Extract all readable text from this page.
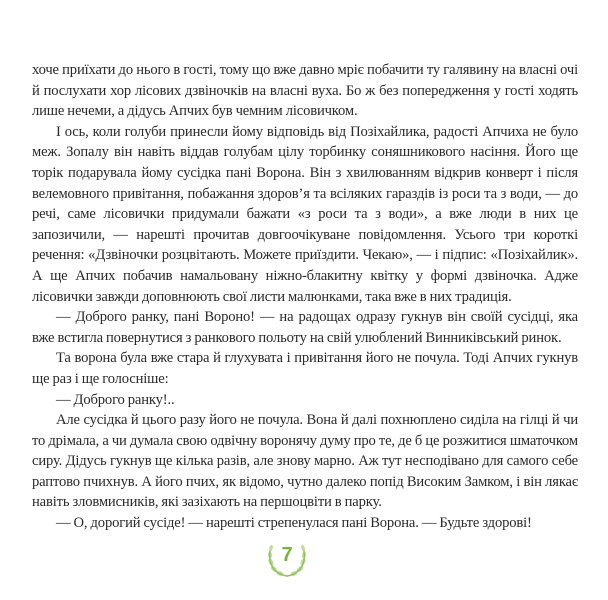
хоче приїхати до нього в гості, тому що вже давно мріє побачити ту галявину на власні очі й послухати хор лісових дзвіночків на власні вуха. Бо ж без попередження у гості ходять лише нечеми, а дідусь Апчих був чемним лісовичком.

І ось, коли голуби принесли йому відповідь від Позіхайлика, радості Апчиха не було меж. Зопалу він навіть віддав голубам цілу торбинку соняшникового насіння. Його ще торік подарувала йому сусідка пані Ворона. Він з хвилюванням відкрив конверт і після велемовного привітання, побажання здоров’я та всіляких гараздів із роси та з води, — до речі, саме лісовички придумали бажати «з роси та з води», а вже люди в них це запозичили, — нарешті прочитав довгоочікуване повідомлення. Усього три короткі речення: «Дзвіночки розцвітають. Можете приїздити. Чекаю», — і підпис: «Позіхайлик». А ще Апчих побачив намальовану ніжно-блакитну квітку у формі дзвіночка. Адже лісовички завжди доповнюють свої листи малюнками, така вже в них традиція.

— Доброго ранку, пані Вороно! — на радощах одразу гукнув він своїй сусідці, яка вже встигла повернутися з ранкового польоту на свій улюблений Винниківський ринок.

Та ворона була вже стара й глухувата і привітання його не почула. Тоді Апчих гукнув ще раз і ще голосніше:

— Доброго ранку!..

Але сусідка й цього разу його не почула. Вона й далі похнюплено сиділа на гілці й чи то дрімала, а чи думала свою одвічну воронячу думу про те, де б це розжитися шматочком сиру. Дідусь гукнув ще кілька разів, але знову марно. Аж тут несподівано для самого себе раптово пчихнув. А його пчих, як відомо, чутно далеко попід Високим Замком, і він лякає навіть зловмисників, які зазіхають на першоцвіти в парку.

— О, дорогий сусіде! — нарешті стрепенулася пані Ворона. — Будьте здорові!

7
